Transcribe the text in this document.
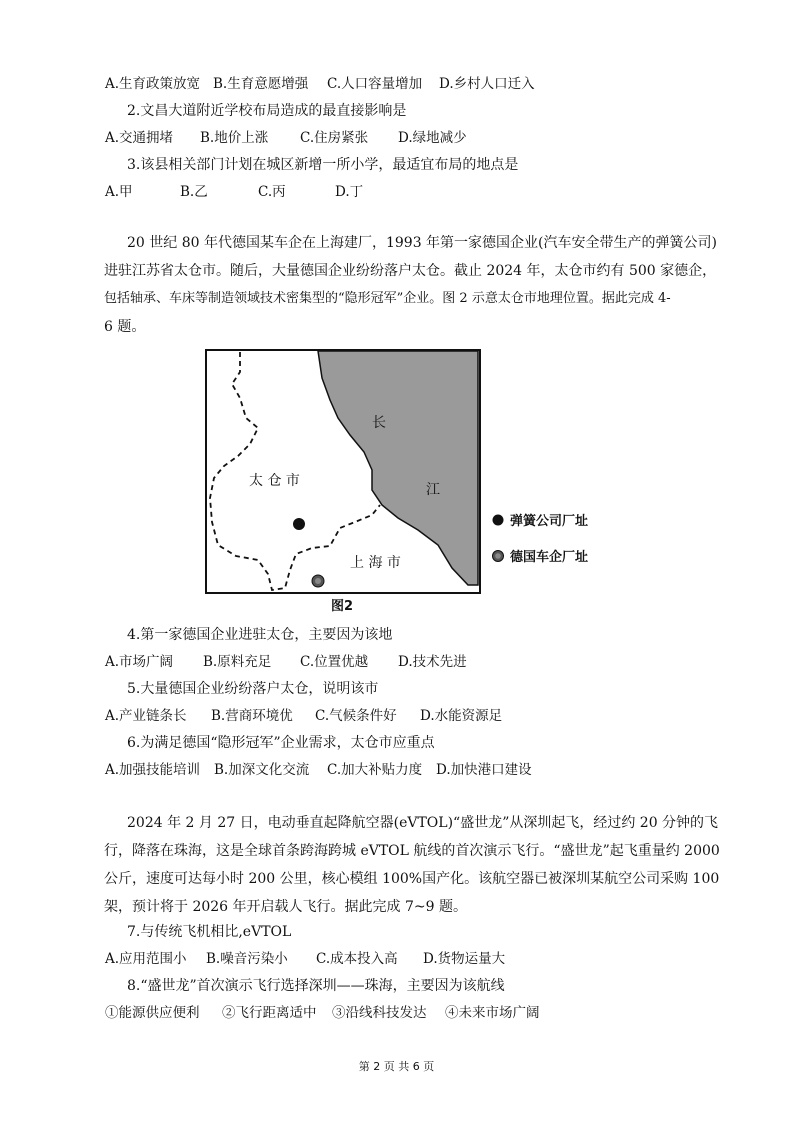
A.生育政策放宽 B.生育意愿增强 C.人口容量增加 D.乡村人口迁入
2.文昌大道附近学校布局造成的最直接影响是
A.交通拥堵 B.地价上涨 C.住房紧张 D.绿地减少
3.该县相关部门计划在城区新增一所小学，最适宜布局的地点是
A.甲	B.乙	C.丙	D.丁
20 世纪 80 年代德国某车企在上海建厂，1993 年第一家德国企业(汽车安全带生产的弹簧公司)
进驻江苏省太仓市。随后，大量德国企业纷纷落户太仓。截止 2024 年，太仓市约有 500 家德企，
包括轴承、车床等制造领域技术密集型的“隐形冠军”企业。图 2 示意太仓市地理位置。据此完成 4-
6 题。
太 仓 市
上 海 市
长
江
弹簧公司厂址
德国车企厂址
图2
4.第一家德国企业进驻太仓，主要因为该地
A.市场广阔 B.原料充足 C.位置优越 D.技术先进
5.大量德国企业纷纷落户太仓，说明该市
A.产业链条长 B.营商环境优 C.气候条件好 D.水能资源足
6.为满足德国“隐形冠军”企业需求，太仓市应重点
A.加强技能培训 B.加深文化交流 C.加大补贴力度 D.加快港口建设
2024 年 2 月 27 日，电动垂直起降航空器(eVTOL)“盛世龙”从深圳起飞，经过约 20 分钟的飞
行，降落在珠海，这是全球首条跨海跨城 eVTOL 航线的首次演示飞行。“盛世龙”起飞重量约 2000
公斤，速度可达每小时 200 公里，核心模组 100%国产化。该航空器已被深圳某航空公司采购 100
架，预计将于 2026 年开启载人飞行。据此完成 7~9 题。
7.与传统飞机相比,eVTOL
A.应用范围小 B.噪音污染小 C.成本投入高 D.货物运量大
8.“盛世龙”首次演示飞行选择深圳——珠海，主要因为该航线
①能源供应便利 ②飞行距离适中 ③沿线科技发达 ④未来市场广阔
第 2 页 共 6 页
